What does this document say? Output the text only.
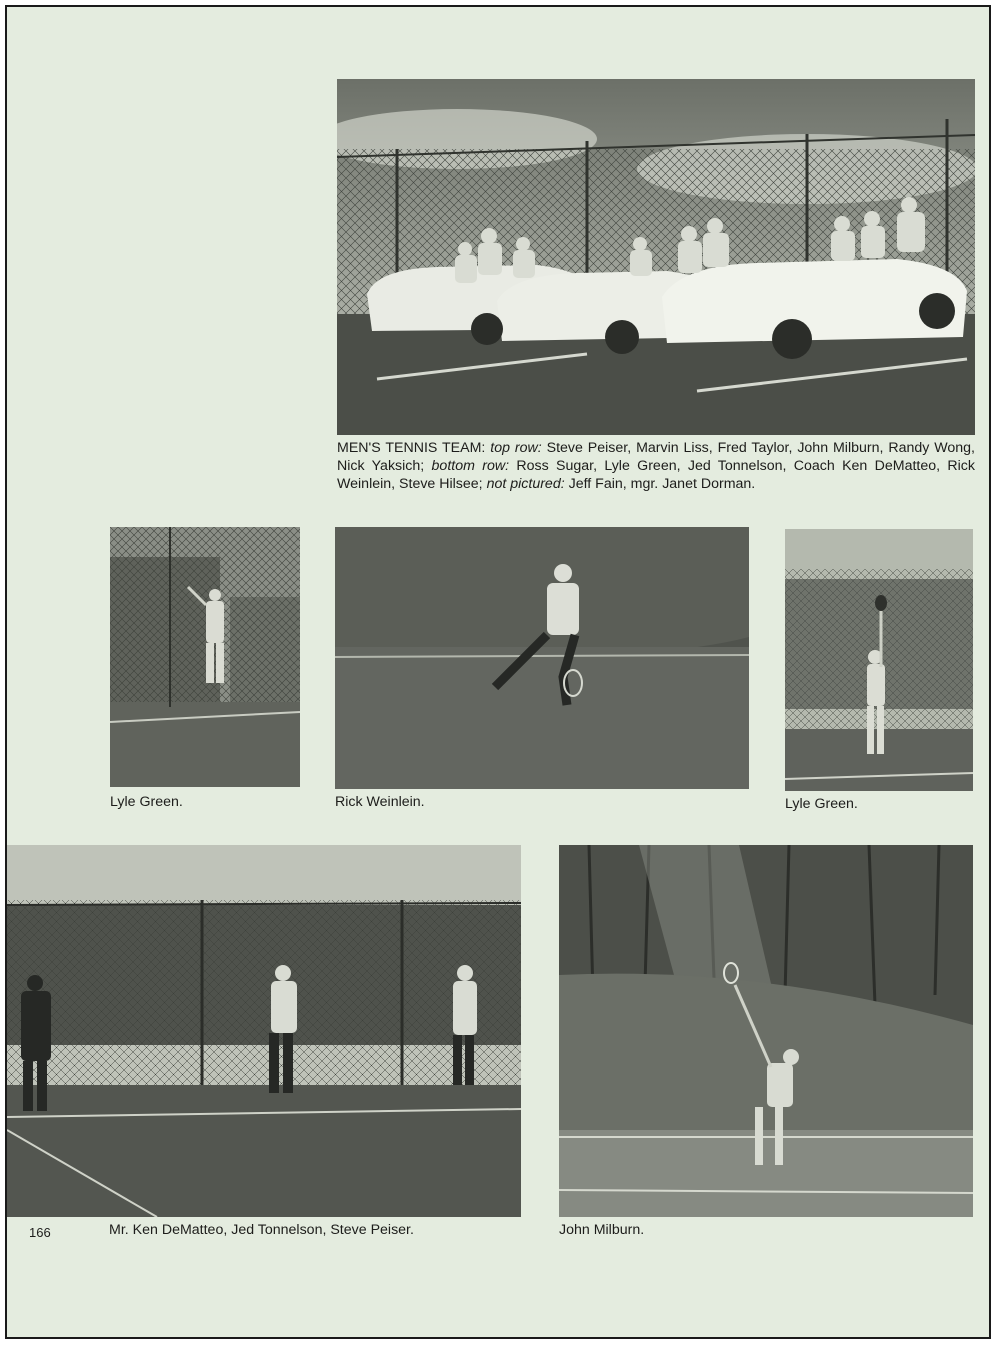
MEN'S TENNIS TEAM: top row: Steve Peiser, Marvin Liss, Fred Taylor, John Milburn, Randy Wong, Nick Yaksich; bottom row: Ross Sugar, Lyle Green, Jed Tonnelson, Coach Ken DeMatteo, Rick Weinlein, Steve Hilsee; not pictured: Jeff Fain, mgr. Janet Dorman.
Lyle Green.	Rick Weinlein.	Lyle Green.
Mr. Ken DeMatteo, Jed Tonnelson, Steve Peiser.	John Milburn.
166
